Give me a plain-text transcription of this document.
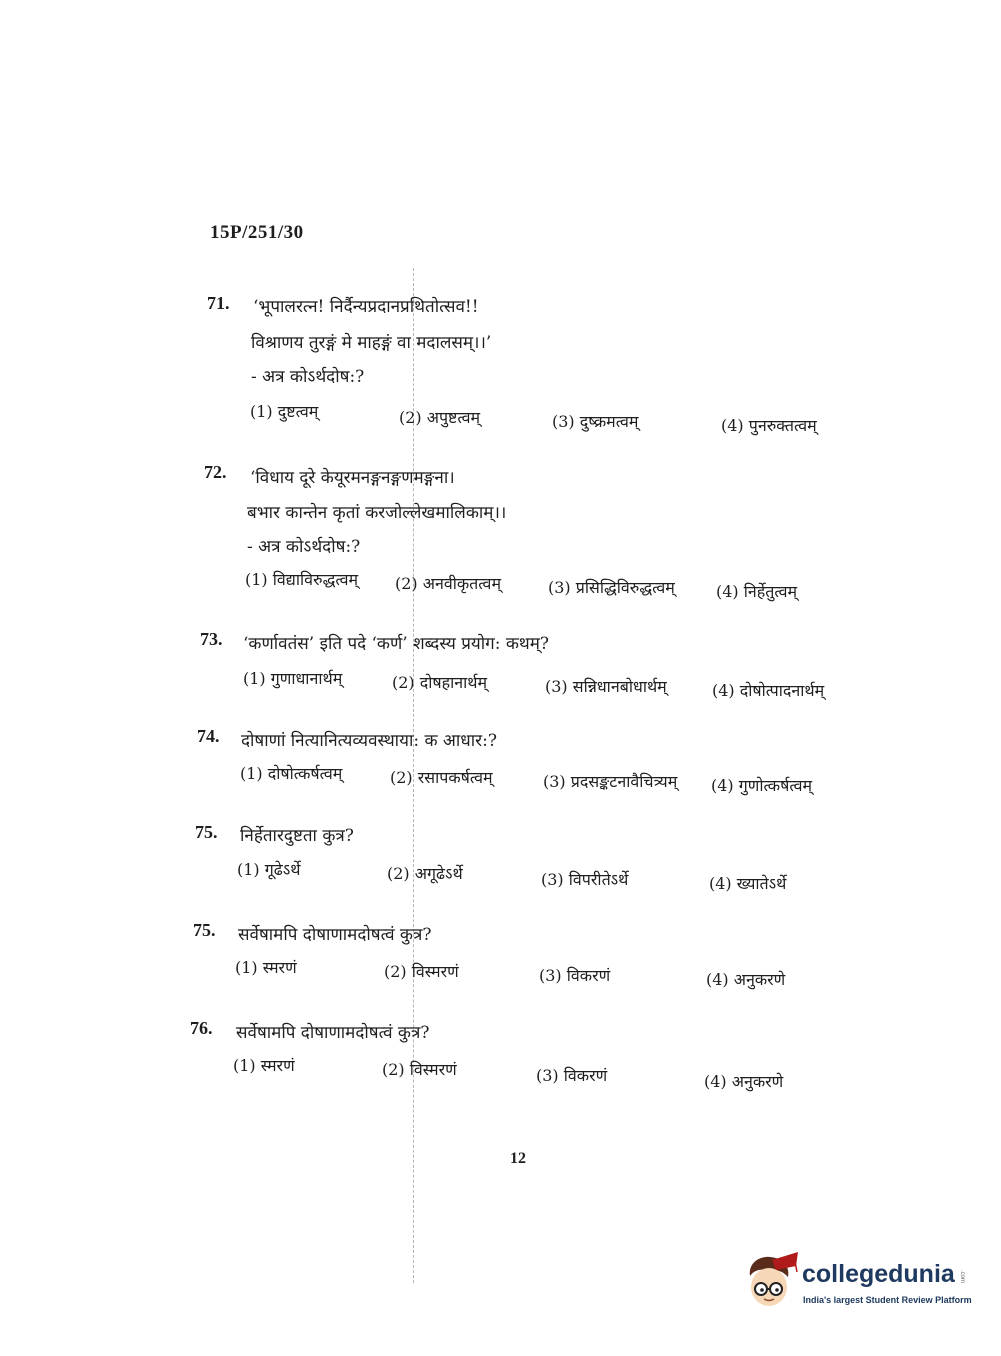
15P/251/30
71. ‘भूपालरत्न! निर्दैन्यप्रदानप्रथितोत्सव!!
विश्राणय तुरङ्गं मे माहङ्गं वा मदालसम्।।’
- अत्र कोऽर्थदोष:?
(1) दुष्टत्वम्	(2) अपुष्टत्वम्	(3) दुष्क्रमत्वम्	(4) पुनरुक्तत्वम्
72. ‘विधाय दूरे केयूरमनङ्गनङ्गणमङ्गना।
बभार कान्तेन कृतां करजोल्लेखमालिकाम्।।
- अत्र कोऽर्थदोष:?
(1) विद्याविरुद्धत्वम् (2) अनवीकृतत्वम्	(3) प्रसिद्धिविरुद्धत्वम्	(4) निर्हेतुत्वम्
73. ‘कर्णावतंस’ इति पदे ‘कर्ण’ शब्दस्य प्रयोग: कथम्?
(1) गुणाधानार्थम्	(2) दोषहानार्थम्	(3) सन्निधानबोधार्थम्	(4) दोषोत्पादनार्थम्
74. दोषाणां नित्यानित्यव्यवस्थाया: क आधार:?
(1) दोषोत्कर्षत्वम्	(2) रसापकर्षत्वम्	(3) प्रदसङ्कटनावैचित्र्यम् (4) गुणोत्कर्षत्वम्
75. निर्हेतारदुष्टता कुत्र?
(1) गूढेऽर्थे	(2) अगूढेऽर्थे	(3) विपरीतेऽर्थे	(4) ख्यातेऽर्थे
75. सर्वेषामपि दोषाणामदोषत्वं कुत्र?
(1) स्मरणं	(2) विस्मरणं	(3) विकरणं	(4) अनुकरणे
76. सर्वेषामपि दोषाणामदोषत्वं कुत्र?
(1) स्मरणं	(2) विस्मरणं	(3) विकरणं	(4) अनुकरणे
12
collegedunia .com
India's largest Student Review Platform
